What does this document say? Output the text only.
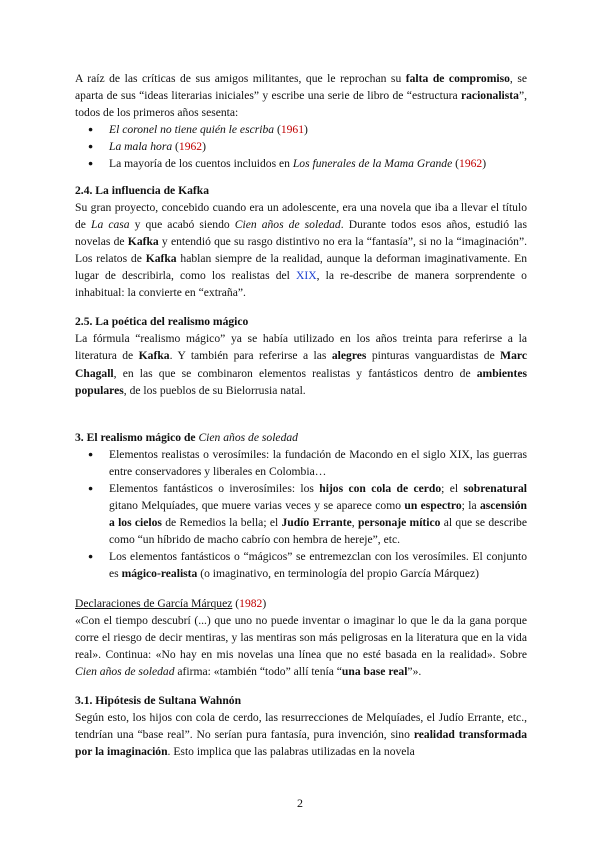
A raíz de las críticas de sus amigos militantes, que le reprochan su falta de compromiso, se aparta de sus “ideas literarias iniciales” y escribe una serie de libro de “estructura racionalista”, todos de los primeros años sesenta:

● El coronel no tiene quién le escriba (1961)
● La mala hora (1962)
● La mayoría de los cuentos incluidos en Los funerales de la Mama Grande (1962)
2.4. La influencia de Kafka

Su gran proyecto, concebido cuando era un adolescente, era una novela que iba a llevar el título de La casa y que acabó siendo Cien años de soledad. Durante todos esos años, estudió las novelas de Kafka y entendió que su rasgo distintivo no era la “fantasía”, si no la “imaginación”. Los relatos de Kafka hablan siempre de la realidad, aunque la deforman imaginativamente. En lugar de describirla, como los realistas del XIX, la re-describe de manera sorprendente o inhabitual: la convierte en “extraña”.

2.5. La poética del realismo mágico

La fórmula “realismo mágico” ya se había utilizado en los años treinta para referirse a la literatura de Kafka. Y también para referirse a las alegres pinturas vanguardistas de Marc Chagall, en las que se combinaron elementos realistas y fantásticos dentro de ambientes populares, de los pueblos de su Bielorrusia natal.

3. El realismo mágico de Cien años de soledad
● Elementos realistas o verosímiles: la fundación de Macondo en el siglo XIX, las guerras entre conservadores y liberales en Colombia…
● Elementos fantásticos o inverosímiles: los hijos con cola de cerdo; el sobrenatural gitano Melquíades, que muere varias veces y se aparece como un espectro; la ascensión a los cielos de Remedios la bella; el Judío Errante, personaje mítico al que se describe como “un híbrido de macho cabrío con hembra de hereje”, etc.
● Los elementos fantásticos o “mágicos” se entremezclan con los verosímiles. El conjunto es mágico-realista (o imaginativo, en terminología del propio García Márquez)

Declaraciones de García Márquez (1982)

«Con el tiempo descubrí (...) que uno no puede inventar o imaginar lo que le da la gana porque corre el riesgo de decir mentiras, y las mentiras son más peligrosas en la literatura que en la vida real». Continua: «No hay en mis novelas una línea que no esté basada en la realidad». Sobre Cien años de soledad afirma: «también “todo” allí tenía “una base real”».

3.1. Hipótesis de Sultana Wahnón

Según esto, los hijos con cola de cerdo, las resurrecciones de Melquíades, el Judío Errante, etc., tendrían una “base real”. No serían pura fantasía, pura invención, sino realidad transformada por la imaginación. Esto implica que las palabras utilizadas en la novela

2
